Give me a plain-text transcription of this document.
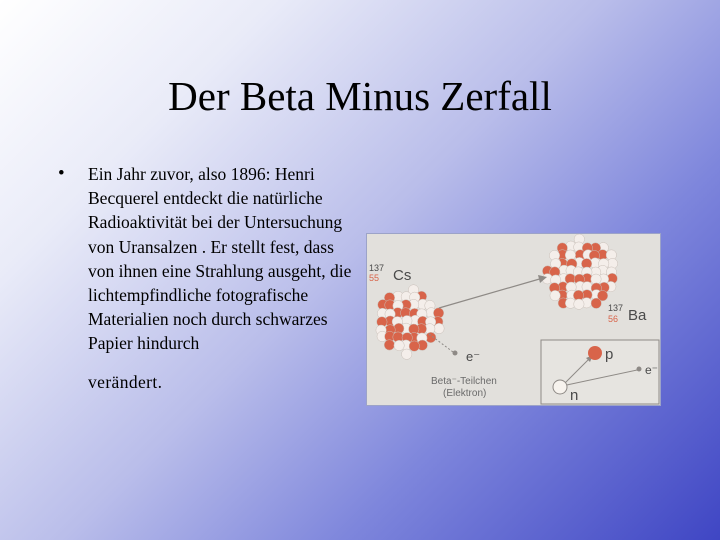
Der Beta Minus Zerfall
• Ein Jahr zuvor, also 1896: Henri Becquerel entdeckt die natürliche Radioaktivität bei der Untersuchung von Uransalzen . Er stellt fest, dass von ihnen eine Strahlung ausgeht, die lichtempfindliche fotografische Materialien noch durch schwarzes Papier hindurch
verändert.
137
55 Cs
137
56 Ba
e⁻
Beta⁻-Teilchen
(Elektron)
p
n
e⁻
